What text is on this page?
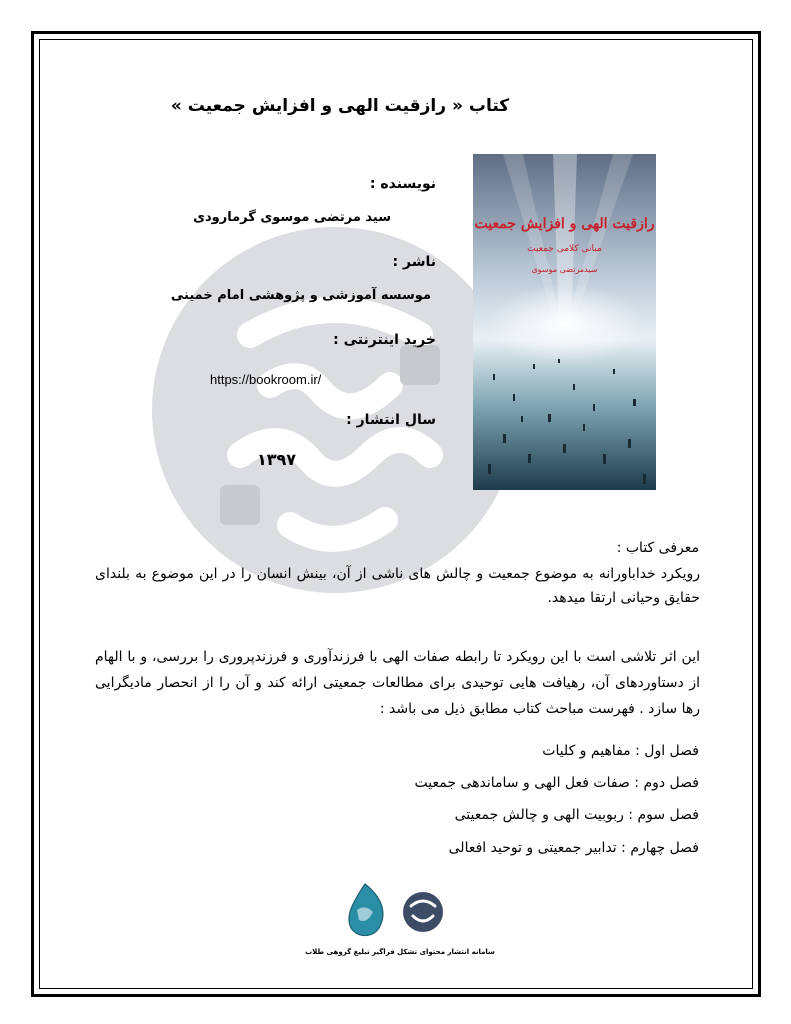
کتاب « رازقیت الهی و افزایش جمعیت »
رازقیت الهی و افزایش جمعیت
مبانی کلامی جمعیت
سیدمرتضی موسوی
نویسنده :
سید مرتضی موسوی گرمارودی
ناشر :
موسسه آموزشی و پژوهشی امام خمینی
خرید اینترنتی :
https://bookroom.ir/
سال انتشار :
۱۳۹۷
معرفی کتاب :
رویکرد خداباورانه به موضوع جمعیت و چالش های ناشی از آن، بینش انسان را در این موضوع به بلندای حقایق وحیانی ارتقا میدهد.
این اثر تلاشی است با این رویکرد تا رابطه صفات الهی با فرزندآوری و فرزندپروری را بررسی، و با الهام از دستاوردهای آن، رهیافت هایی توحیدی برای مطالعات جمعیتی ارائه کند و آن را از انحصار مادیگرایی رها سازد . فهرست مباحث کتاب مطابق ذیل می باشد :
فصل اول : مفاهیم و کلیات
فصل دوم : صفات فعل الهی و ساماندهی جمعیت
فصل سوم : ربوبیت الهی و چالش جمعیتی
فصل چهارم : تدابیر جمعیتی و توحید افعالی
سامانه انتشار محتوای تشکل فراگیر تبلیغ گروهی طلاب
